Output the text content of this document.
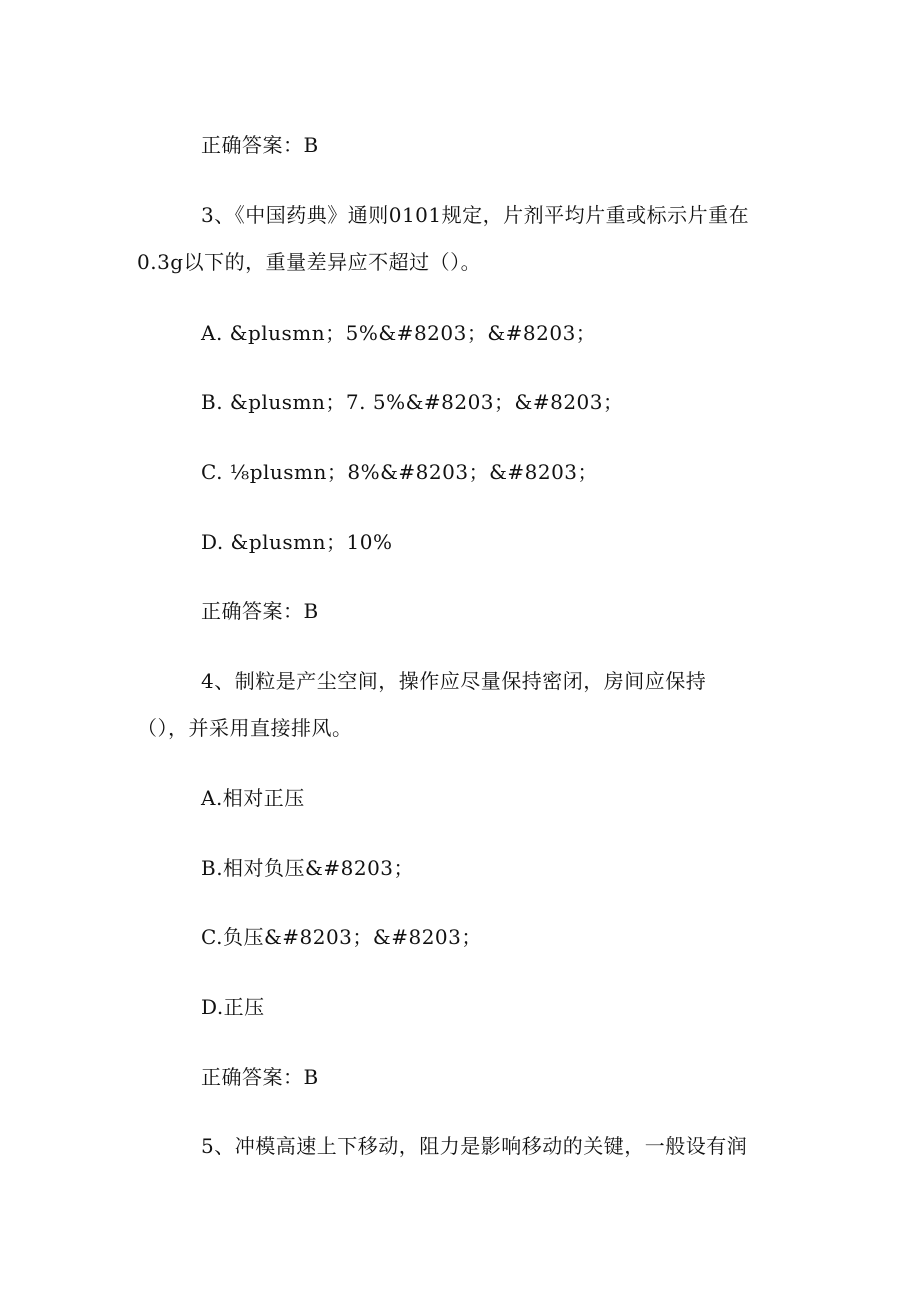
正确答案：B
3、《中国药典》通则0101规定，片剂平均片重或标示片重在
0.3g以下的，重量差异应不超过（）。
A. &plusmn；5%&#8203；&#8203；
B. &plusmn；7. 5%&#8203；&#8203；
C. ⅛plusmn；8%&#8203；&#8203；
D. &plusmn；10%
正确答案：B
4、制粒是产尘空间，操作应尽量保持密闭，房间应保持
（），并采用直接排风。
A.相对正压
B.相对负压&#8203；
C.负压&#8203；&#8203；
D.正压
正确答案：B
5、冲模高速上下移动，阻力是影响移动的关键，一般设有润
